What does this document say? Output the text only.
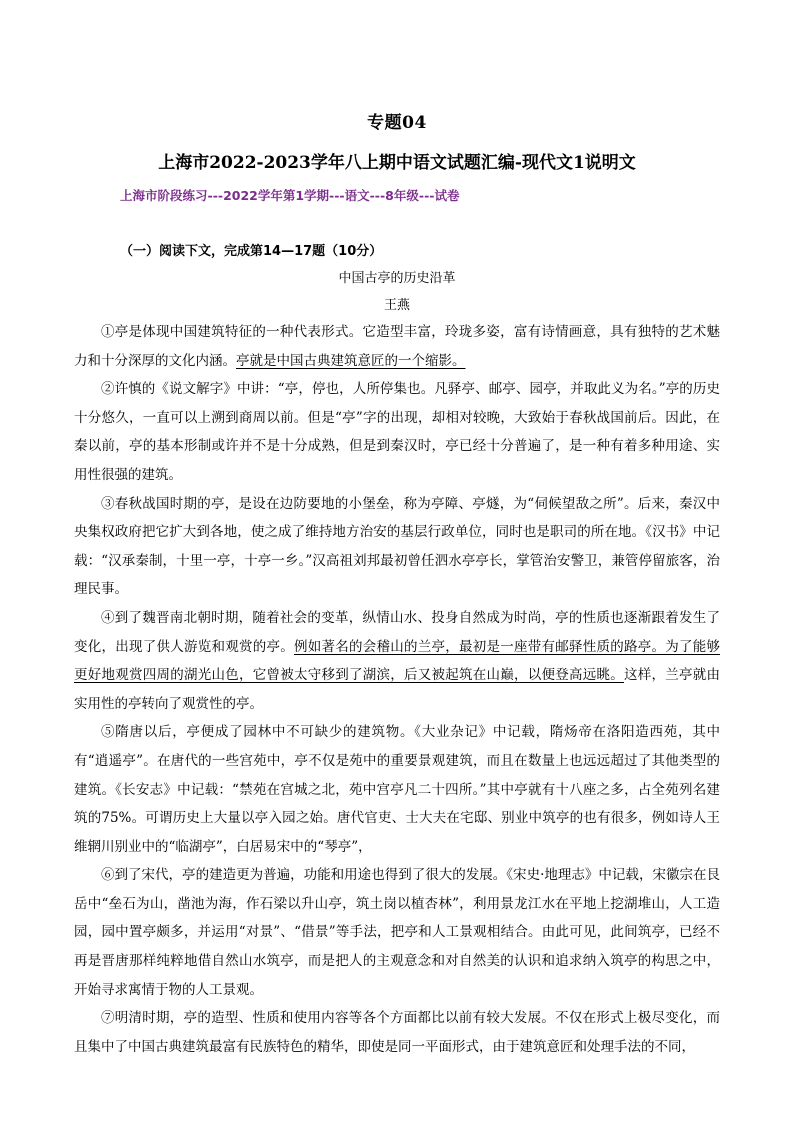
专题04
上海市2022-2023学年八上期中语文试题汇编-现代文1说明文
上海市阶段练习---2022学年第1学期---语文---8年级---试卷
（一）阅读下文，完成第14—17题（10分）
中国古亭的历史沿革
王燕

①亭是体现中国建筑特征的一种代表形式。它造型丰富，玲珑多姿，富有诗情画意，具有独特的艺术魅力和十分深厚的文化内涵。亭就是中国古典建筑意匠的一个缩影。

②许慎的《说文解字》中讲：“亭，停也，人所停集也。凡驿亭、邮亭、园亭，并取此义为名。”亭的历史十分悠久，一直可以上溯到商周以前。但是“亭”字的出现，却相对较晚，大致始于春秋战国前后。因此，在秦以前，亭的基本形制或许并不是十分成熟，但是到秦汉时，亭已经十分普遍了，是一种有着多种用途、实用性很强的建筑。

③春秋战国时期的亭，是设在边防要地的小堡垒，称为亭障、亭燧，为“伺候望敌之所”。后来，秦汉中央集权政府把它扩大到各地，使之成了维持地方治安的基层行政单位，同时也是职司的所在地。《汉书》中记载：“汉承秦制，十里一亭，十亭一乡。”汉高祖刘邦最初曾任泗水亭亭长，掌管治安警卫，兼管停留旅客，治理民事。

④到了魏晋南北朝时期，随着社会的变革，纵情山水、投身自然成为时尚，亭的性质也逐渐跟着发生了变化，出现了供人游览和观赏的亭。例如著名的会稽山的兰亭，最初是一座带有邮驿性质的路亭。为了能够更好地观赏四周的湖光山色，它曾被太守移到了湖滨，后又被起筑在山巅，以便登高远眺。这样，兰亭就由实用性的亭转向了观赏性的亭。

⑤隋唐以后，亭便成了园林中不可缺少的建筑物。《大业杂记》中记载，隋炀帝在洛阳造西苑，其中有“逍遥亭”。在唐代的一些宫苑中，亭不仅是苑中的重要景观建筑，而且在数量上也远远超过了其他类型的建筑。《长安志》中记载：“禁苑在宫城之北，苑中宫亭凡二十四所。”其中亭就有十八座之多，占全苑列名建筑的75%。可谓历史上大量以亭入园之始。唐代官吏、士大夫在宅邸、别业中筑亭的也有很多，例如诗人王维辋川别业中的“临湖亭”，白居易宋中的“琴亭”，

⑥到了宋代，亭的建造更为普遍，功能和用途也得到了很大的发展。《宋史·地理志》中记载，宋徽宗在艮岳中“垒石为山，凿池为海，作石梁以升山亭，筑土岗以植杏林”，利用景龙江水在平地上挖湖堆山，人工造园，园中置亭颇多，并运用“对景”、“借景”等手法，把亭和人工景观相结合。由此可见，此间筑亭，已经不再是晋唐那样纯粹地借自然山水筑亭，而是把人的主观意念和对自然美的认识和追求纳入筑亭的构思之中，开始寻求寓情于物的人工景观。

⑦明清时期，亭的造型、性质和使用内容等各个方面都比以前有较大发展。不仅在形式上极尽变化，而且集中了中国古典建筑最富有民族特色的精华，即使是同一平面形式，由于建筑意匠和处理手法的不同，
